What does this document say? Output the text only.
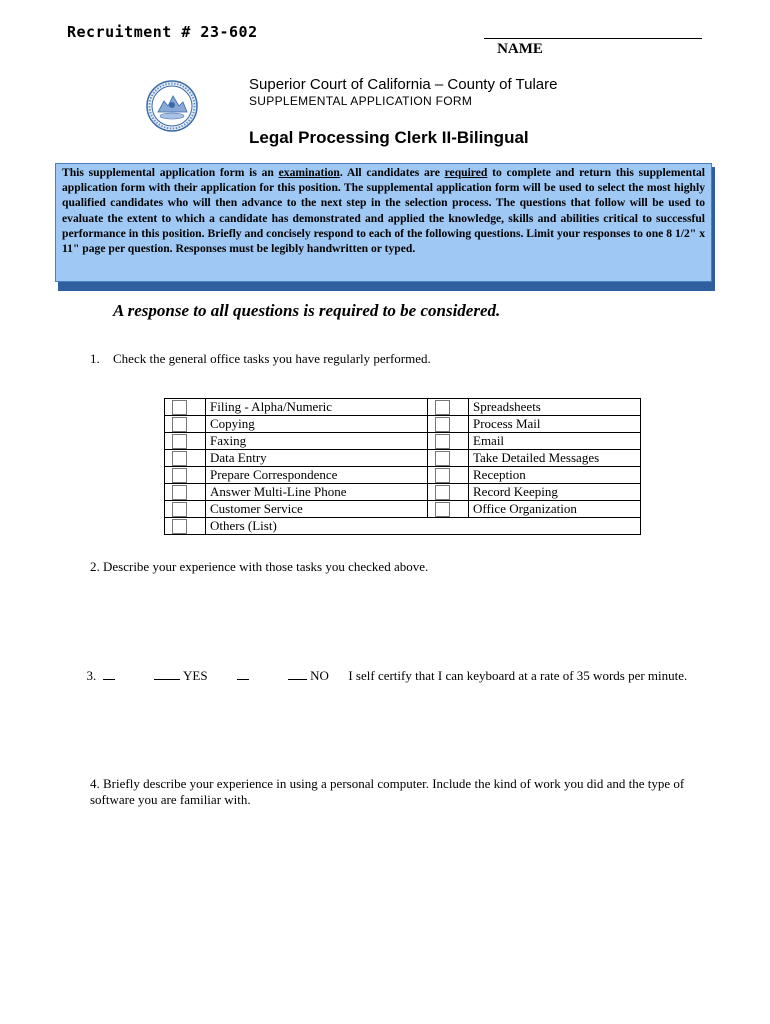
Recruitment # 23-602
NAME
Superior Court of California – County of Tulare
SUPPLEMENTAL APPLICATION FORM
Legal Processing Clerk II-Bilingual
This supplemental application form is an examination. All candidates are required to complete and return this supplemental application form with their application for this position. The supplemental application form will be used to select the most highly qualified candidates who will then advance to the next step in the selection process. The questions that follow will be used to evaluate the extent to which a candidate has demonstrated and applied the knowledge, skills and abilities critical to successful performance in this position. Briefly and concisely respond to each of the following questions. Limit your responses to one 8 1/2" x 11" page per question. Responses must be legibly handwritten or typed.
A response to all questions is required to be considered.
1. Check the general office tasks you have regularly performed.
	Filing - Alpha/Numeric		Spreadsheets

	Copying		Process Mail

	Faxing		Email

	Data Entry		Take Detailed Messages

	Prepare Correspondence		Reception

	Answer Multi-Line Phone		Record Keeping

	Customer Service		Office Organization

	Others (List)		
2. Describe your experience with those tasks you checked above.
3.	YES	NO I self certify that I can keyboard at a rate of 35 words per minute.
4. Briefly describe your experience in using a personal computer. Include the kind of work you did and the type of software you are familiar with.
